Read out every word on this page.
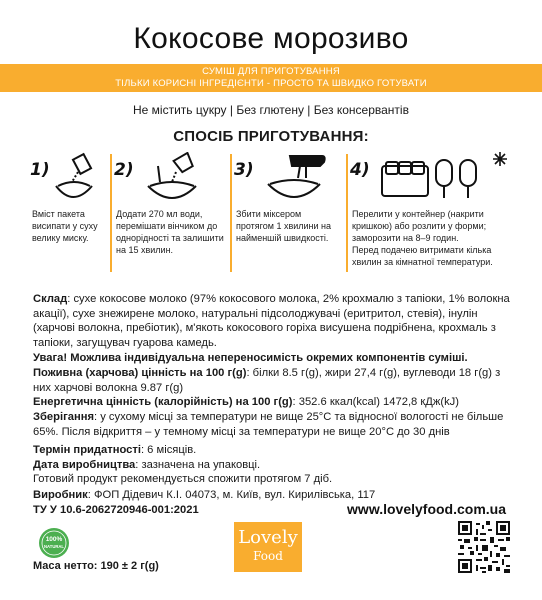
Кокосове морозиво
СУМІШ ДЛЯ ПРИГОТУВАННЯ
ТІЛЬКИ КОРИСНІ ІНГРЕДІЄНТИ - ПРОСТО ТА ШВИДКО ГОТУВАТИ
Не містить цукру | Без глютену | Без консервантів
СПОСІБ ПРИГОТУВАННЯ:
1)
Вміст пакета
висипати у суху
велику миску.
2)
Додати 270 мл води,
перемішати вінчиком до
однорідності та залишити
на 15 хвилин.
3)
Збити міксером
протягом 1 хвилини на
найменшій швидкості.
4)
Перелити у контейнер (накрити
кришкою) або розлити у форми;
заморозити на 8–9 годин.
Перед подачею витримати кілька
хвилин за кімнатної температури.
Склад: сухе кокосове молоко (97% кокосового молока, 2% крохмалю з тапіоки, 1% волокна акації), сухе знежирене молоко, натуральні підсолоджувачі (еритритол, стевія), інулін (харчові волокна, пребіотик), м'якоть кокосового горіха висушена подрібнена, крохмаль з тапіоки, загущувач гуарова камедь.
Увага! Можлива індивідуальна непереносимість окремих компонентів суміші.
Поживна (харчова) цінність на 100 г(g): білки 8.5 г(g), жири 27,4 г(g), вуглеводи 18 г(g) з них харчові волокна 9.87 г(g)
Енергетична цінність (калорійність) на 100 г(g): 352.6 ккал(kcal) 1472,8 кДж(kJ)
Зберігання: у сухому місці за температури не вище 25°С та відносної вологості не більше 65%. Після відкриття – у темному місці за температури не вище 20°С до 30 днів
Термін придатності: 6 місяців.
Дата виробництва: зазначена на упаковці.
Готовий продукт рекомендується спожити протягом 7 діб.
Виробник: ФОП Дідевич К.І. 04073, м. Київ, вул. Кирилівська, 117
ТУ У 10.6-2062720946-001:2021	www.lovelyfood.com.ua
100%
NATURAL
Маса нетто: 190 ± 2 г(g)
Lovely
Food
